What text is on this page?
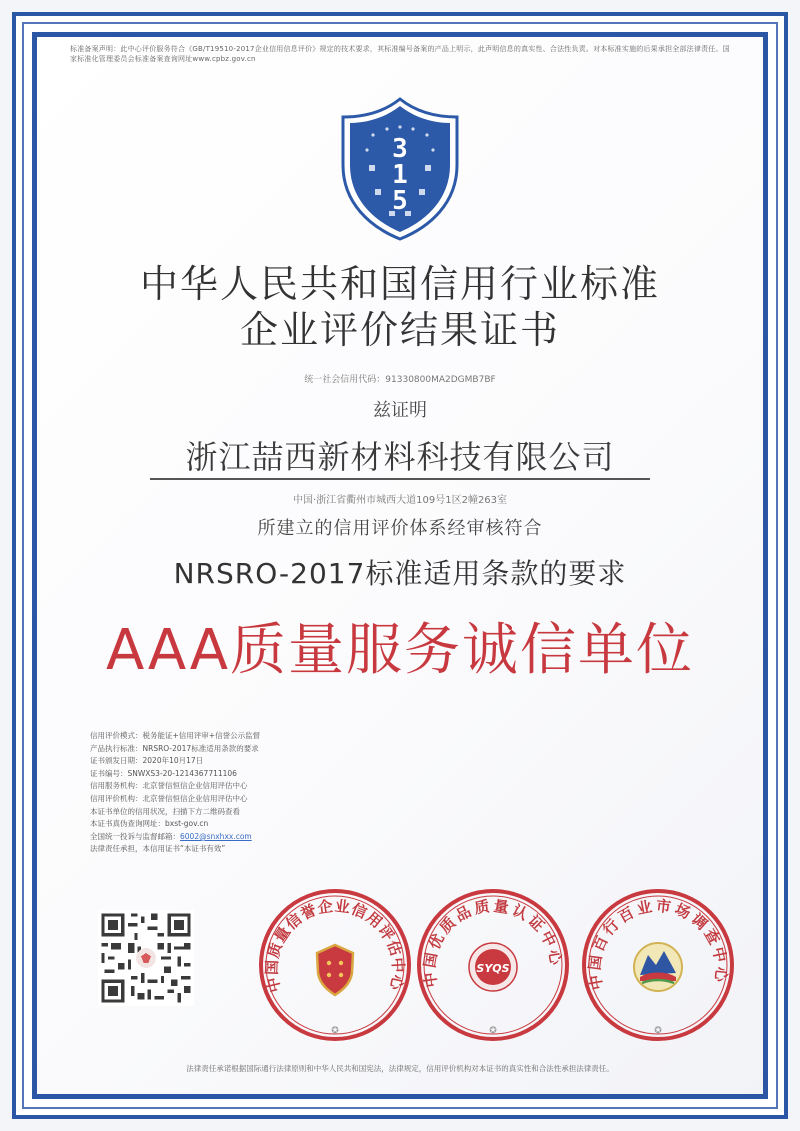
标准备案声明：此中心评价服务符合《GB/T19510-2017企业信用信息评价》规定的技术要求，其标准编号备案的产品上明示，此声明信息的真实性、合法性负责。对本标准实施的后果承担全部法律责任。国家标准化管理委员会标准备案查询网址www.cpbz.gov.cn
3
1
5
中华人民共和国信用行业标准
企业评价结果证书
统一社会信用代码：91330800MA2DGMB7BF
兹证明
浙江喆西新材料科技有限公司
中国·浙江省衢州市城西大道109号1区2幢263室
所建立的信用评价体系经审核符合
NRSRO-2017标准适用条款的要求
AAA质量服务诚信单位
信用评价模式：税务能证+信用评审+信誉公示监督
产品执行标准：NRSRO-2017标准适用条款的要求
证书颁发日期：2020年10月17日
证书编号：SNWXS3-20-1214367711106
信用服务机构：北京誉信恒信企业信用评估中心
信用评价机构：北京誉信恒信企业信用评估中心
本证书单位的信用状况，扫描下方二维码查看
本证书真伪查询网址：bxst-gov.cn
全国统一投诉与监督邮箱：6002@snxhxx.com
法律责任承担，本信用证书“本证书有效”
中国质量信誉企业信用评估中心
✪
中国优质品质量认证中心
SYQS
✪
中国百行百业市场调查中心
✪
法律责任承诺根据国际通行法律原则和中华人民共和国宪法，法律规定，信用评价机构对本证书的真实性和合法性承担法律责任。
